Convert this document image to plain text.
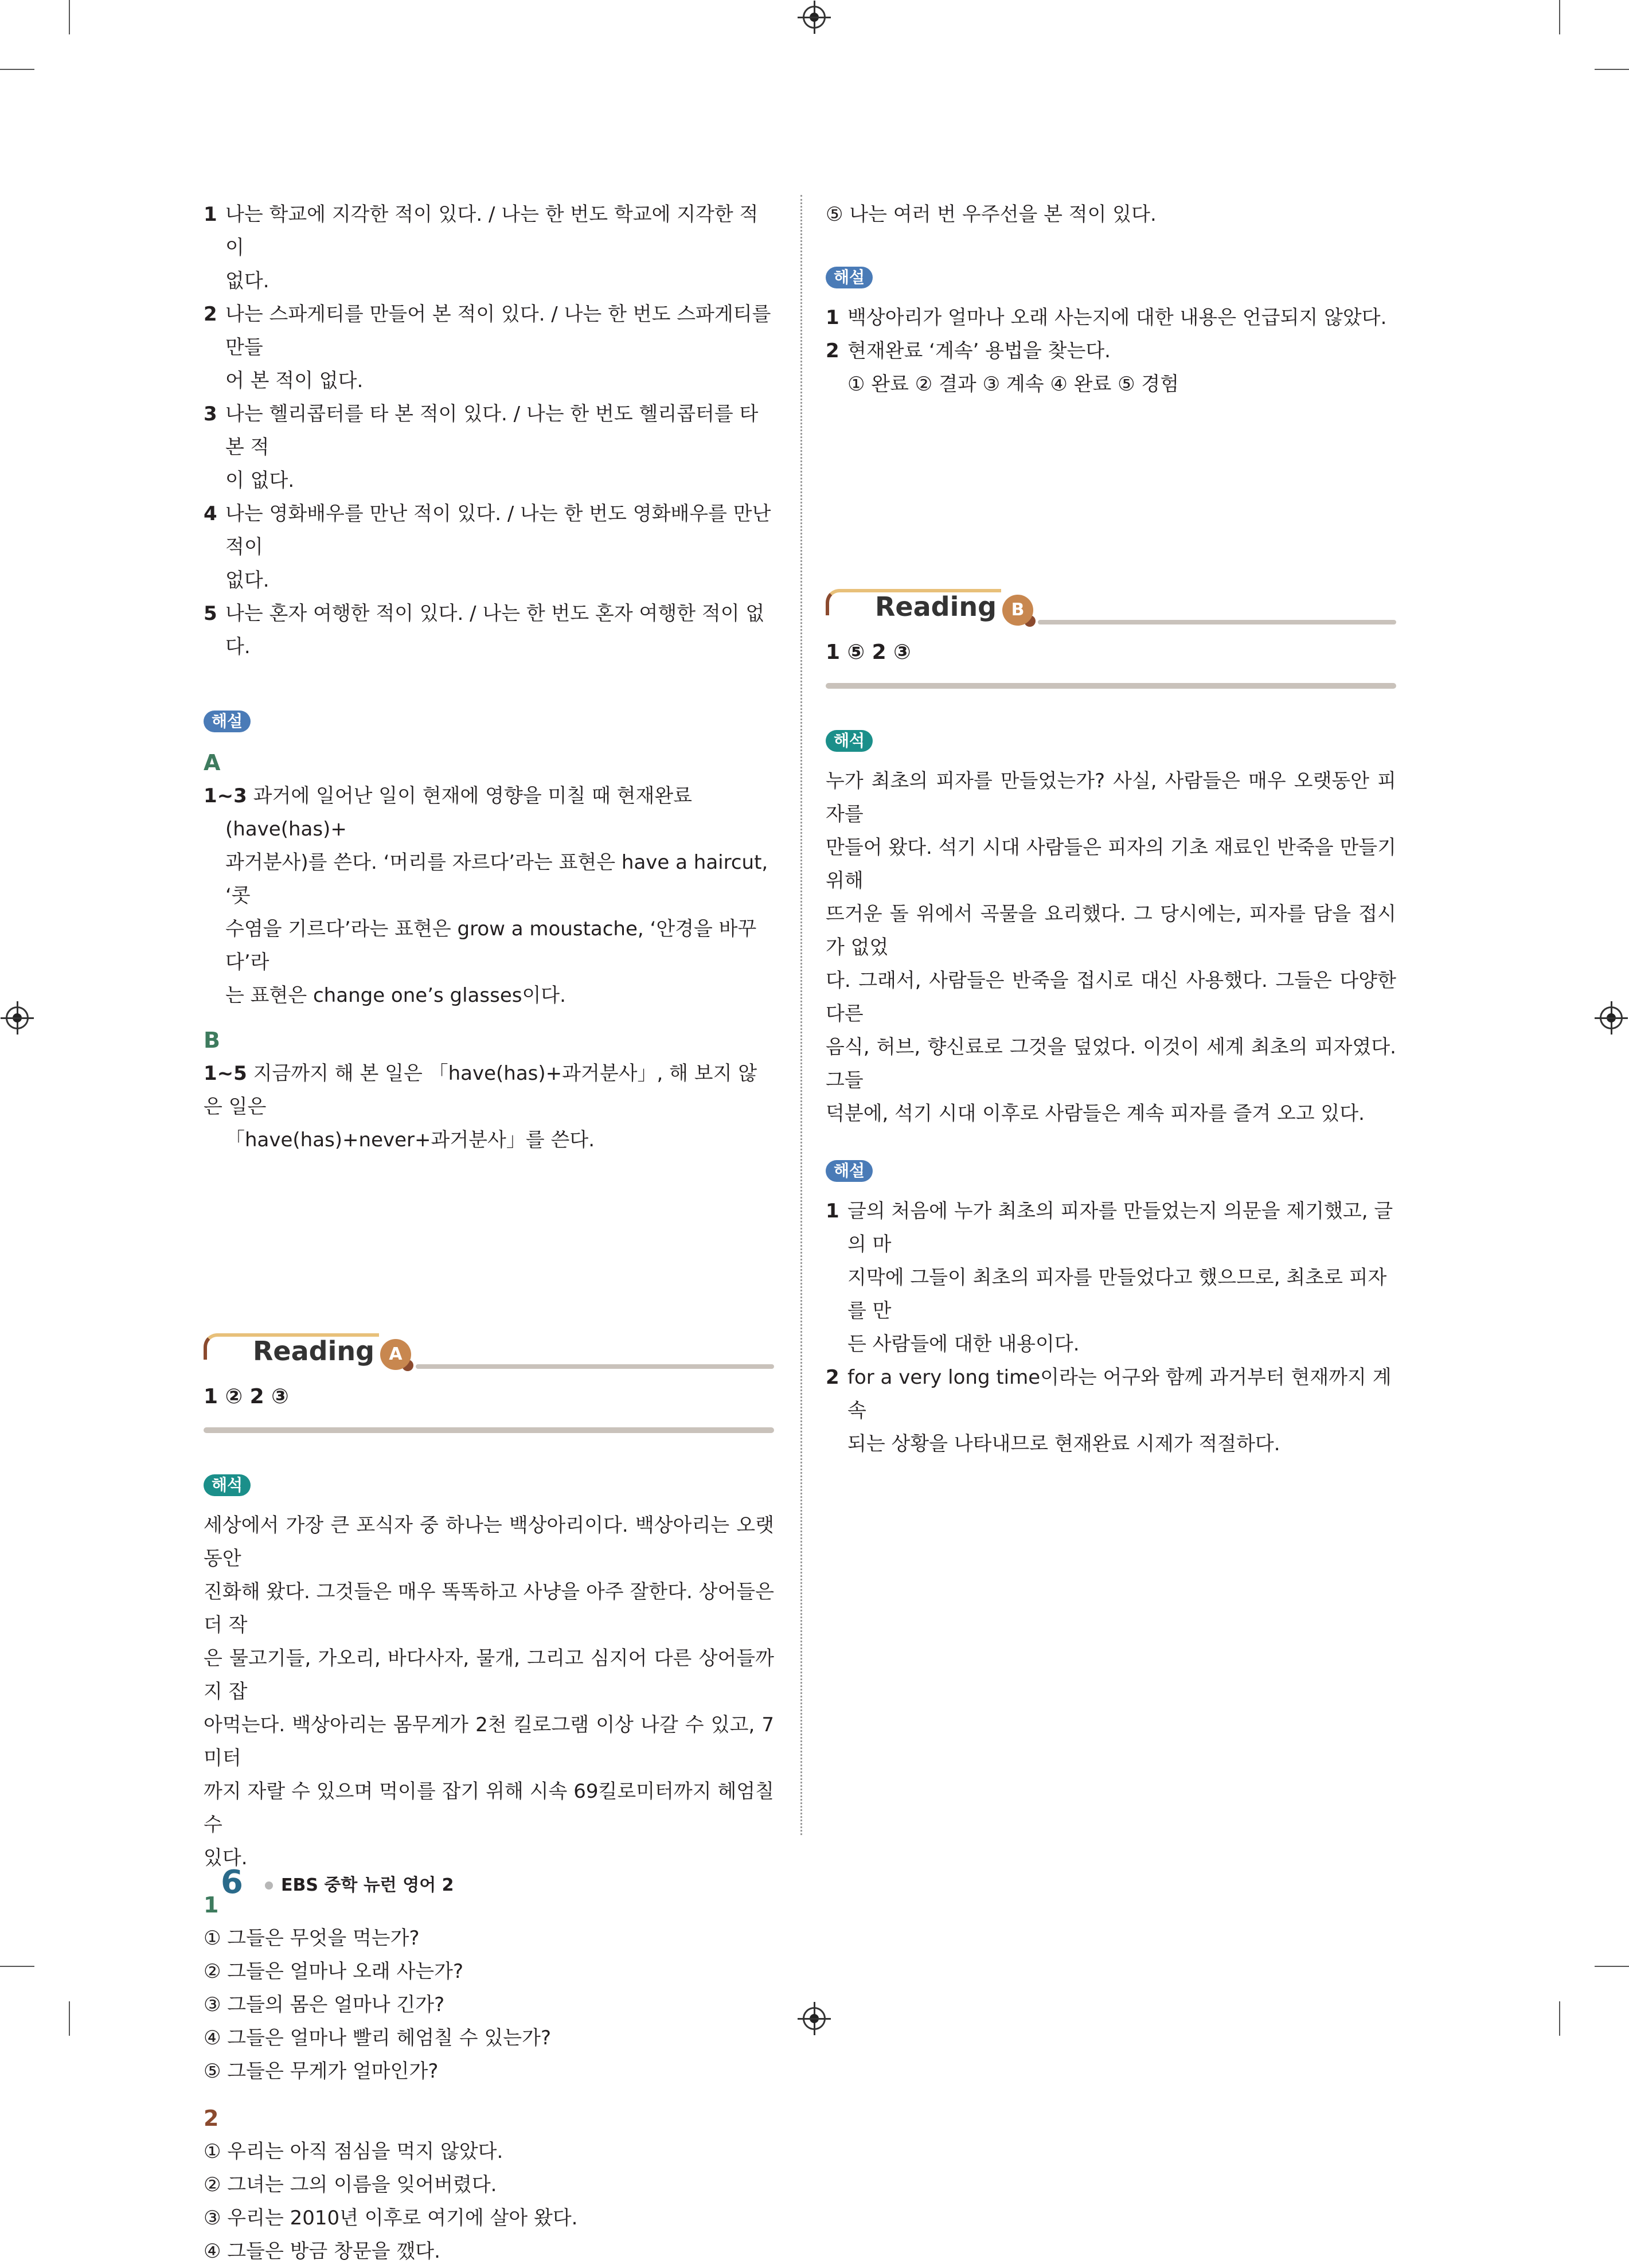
1 나는 학교에 지각한 적이 있다. / 나는 한 번도 학교에 지각한 적이
없다.
2 나는 스파게티를 만들어 본 적이 있다. / 나는 한 번도 스파게티를 만들
어 본 적이 없다.
3 나는 헬리콥터를 타 본 적이 있다. / 나는 한 번도 헬리콥터를 타 본 적
이 없다.
4 나는 영화배우를 만난 적이 있다. / 나는 한 번도 영화배우를 만난 적이
없다.
5 나는 혼자 여행한 적이 있다. / 나는 한 번도 혼자 여행한 적이 없다.
해설
A
1~3 과거에 일어난 일이 현재에 영향을 미칠 때 현재완료(have(has)+
과거분사)를 쓴다. ‘머리를 자르다’라는 표현은 have a haircut, ‘콧
수염을 기르다’라는 표현은 grow a moustache, ‘안경을 바꾸다’라
는 표현은 change one’s glasses이다.
B
1~5 지금까지 해 본 일은 「have(has)+과거분사」, 해 보지 않은 일은
「have(has)+never+과거분사」를 쓴다.
Reading A
1 ② 2 ③
해석
세상에서 가장 큰 포식자 중 하나는 백상아리이다. 백상아리는 오랫동안
진화해 왔다. 그것들은 매우 똑똑하고 사냥을 아주 잘한다. 상어들은 더 작
은 물고기들, 가오리, 바다사자, 물개, 그리고 심지어 다른 상어들까지 잡
아먹는다. 백상아리는 몸무게가 2천 킬로그램 이상 나갈 수 있고, 7미터
까지 자랄 수 있으며 먹이를 잡기 위해 시속 69킬로미터까지 헤엄칠 수
있다.
1
① 그들은 무엇을 먹는가?
② 그들은 얼마나 오래 사는가?
③ 그들의 몸은 얼마나 긴가?
④ 그들은 얼마나 빨리 헤엄칠 수 있는가?
⑤ 그들은 무게가 얼마인가?
2
① 우리는 아직 점심을 먹지 않았다.
② 그녀는 그의 이름을 잊어버렸다.
③ 우리는 2010년 이후로 여기에 살아 왔다.
④ 그들은 방금 창문을 깼다.
⑤ 나는 여러 번 우주선을 본 적이 있다.
해설
1 백상아리가 얼마나 오래 사는지에 대한 내용은 언급되지 않았다.
2 현재완료 ‘계속’ 용법을 찾는다.
① 완료 ② 결과 ③ 계속 ④ 완료 ⑤ 경험
Reading B
1 ⑤ 2 ③
해석
누가 최초의 피자를 만들었는가? 사실, 사람들은 매우 오랫동안 피자를
만들어 왔다. 석기 시대 사람들은 피자의 기초 재료인 반죽을 만들기 위해
뜨거운 돌 위에서 곡물을 요리했다. 그 당시에는, 피자를 담을 접시가 없었
다. 그래서, 사람들은 반죽을 접시로 대신 사용했다. 그들은 다양한 다른
음식, 허브, 향신료로 그것을 덮었다. 이것이 세계 최초의 피자였다. 그들
덕분에, 석기 시대 이후로 사람들은 계속 피자를 즐겨 오고 있다.
해설
1 글의 처음에 누가 최초의 피자를 만들었는지 의문을 제기했고, 글의 마
지막에 그들이 최초의 피자를 만들었다고 했으므로, 최초로 피자를 만
든 사람들에 대한 내용이다.
2 for a very long time이라는 어구와 함께 과거부터 현재까지 계속
되는 상황을 나타내므로 현재완료 시제가 적절하다.
6 EBS 중학 뉴런 영어 2
